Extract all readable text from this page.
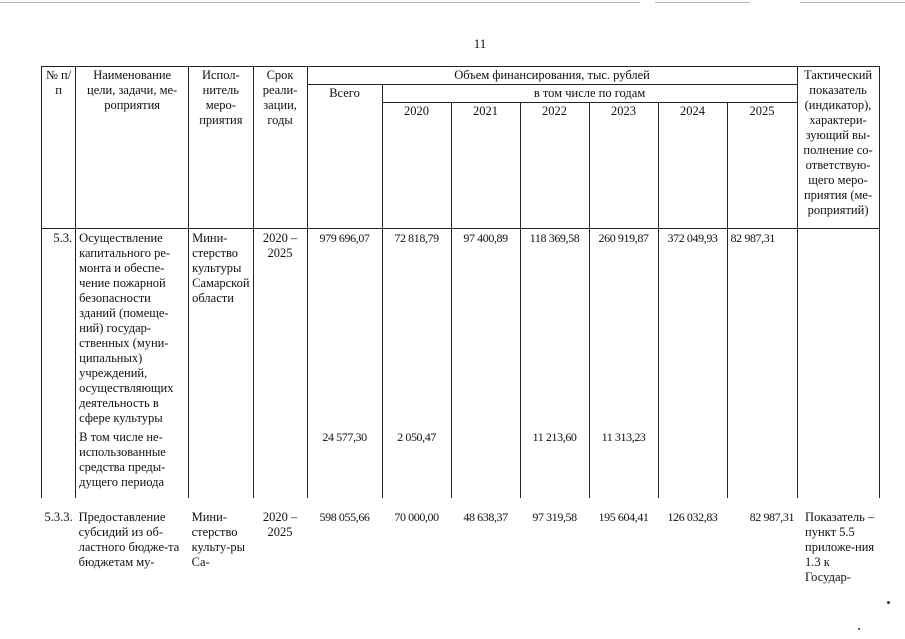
11
№ п/п	Наименование цели, задачи, ме-роприятия	Испол-нитель меро-приятия	Срок реали-зации, годы	Объем финансирования, тыс. рублей							Тактический показатель (индикатор), характери-зующий вы-полнение со-ответствую-щего меро-приятия (ме-роприятий)
				Всего	в том числе по годам						
					2020	2021	2022	2023	2024	2025	
5.3.	Осуществление капитального ре-монта и обеспе-чение пожарной безопасности зданий (помеще-ний) государ-ственных (муни-ципальных) учреждений, осуществляющих деятельность в сфере культуры	Мини-стерство культуры Самарской области	2020 – 2025	979 696,07	72 818,79	97 400,89	118 369,58	260 919,87	372 049,93	82 987,31	
	В том числе не-использованные средства преды-дущего периода			24 577,30	2 050,47		11 213,60	11 313,23			
5.3.3.	Предоставление субсидий из об-ластного бюдже-та бюджетам му-	Мини-стерство культу-ры Са-	2020 – 2025	598 055,66	70 000,00	48 638,37	97 319,58	195 604,41	126 032,83	82 987,31	Показатель – пункт 5.5 приложе-ния 1.3 к Государ-
